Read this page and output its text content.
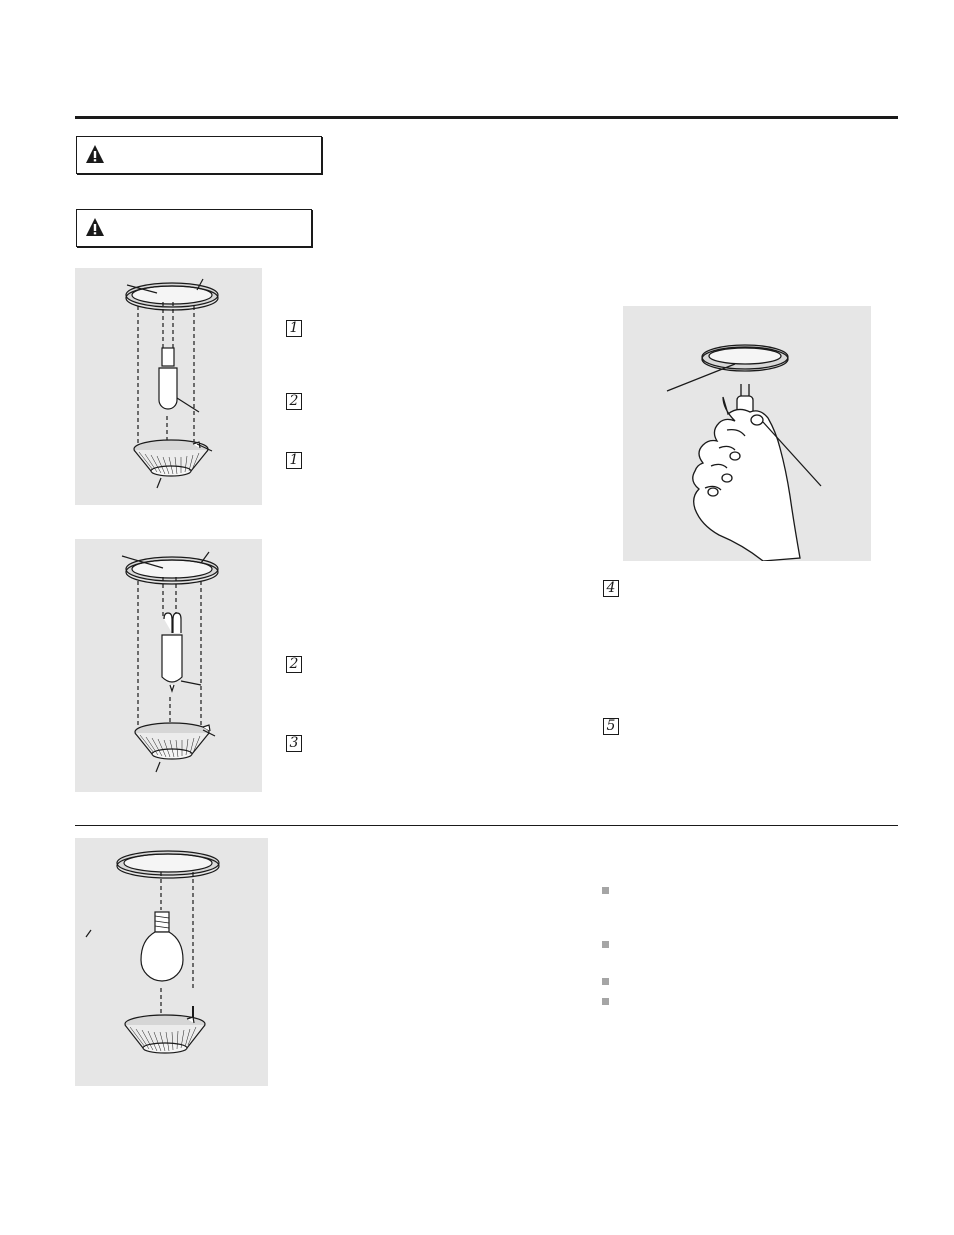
1
2
1
2
3
4
5
